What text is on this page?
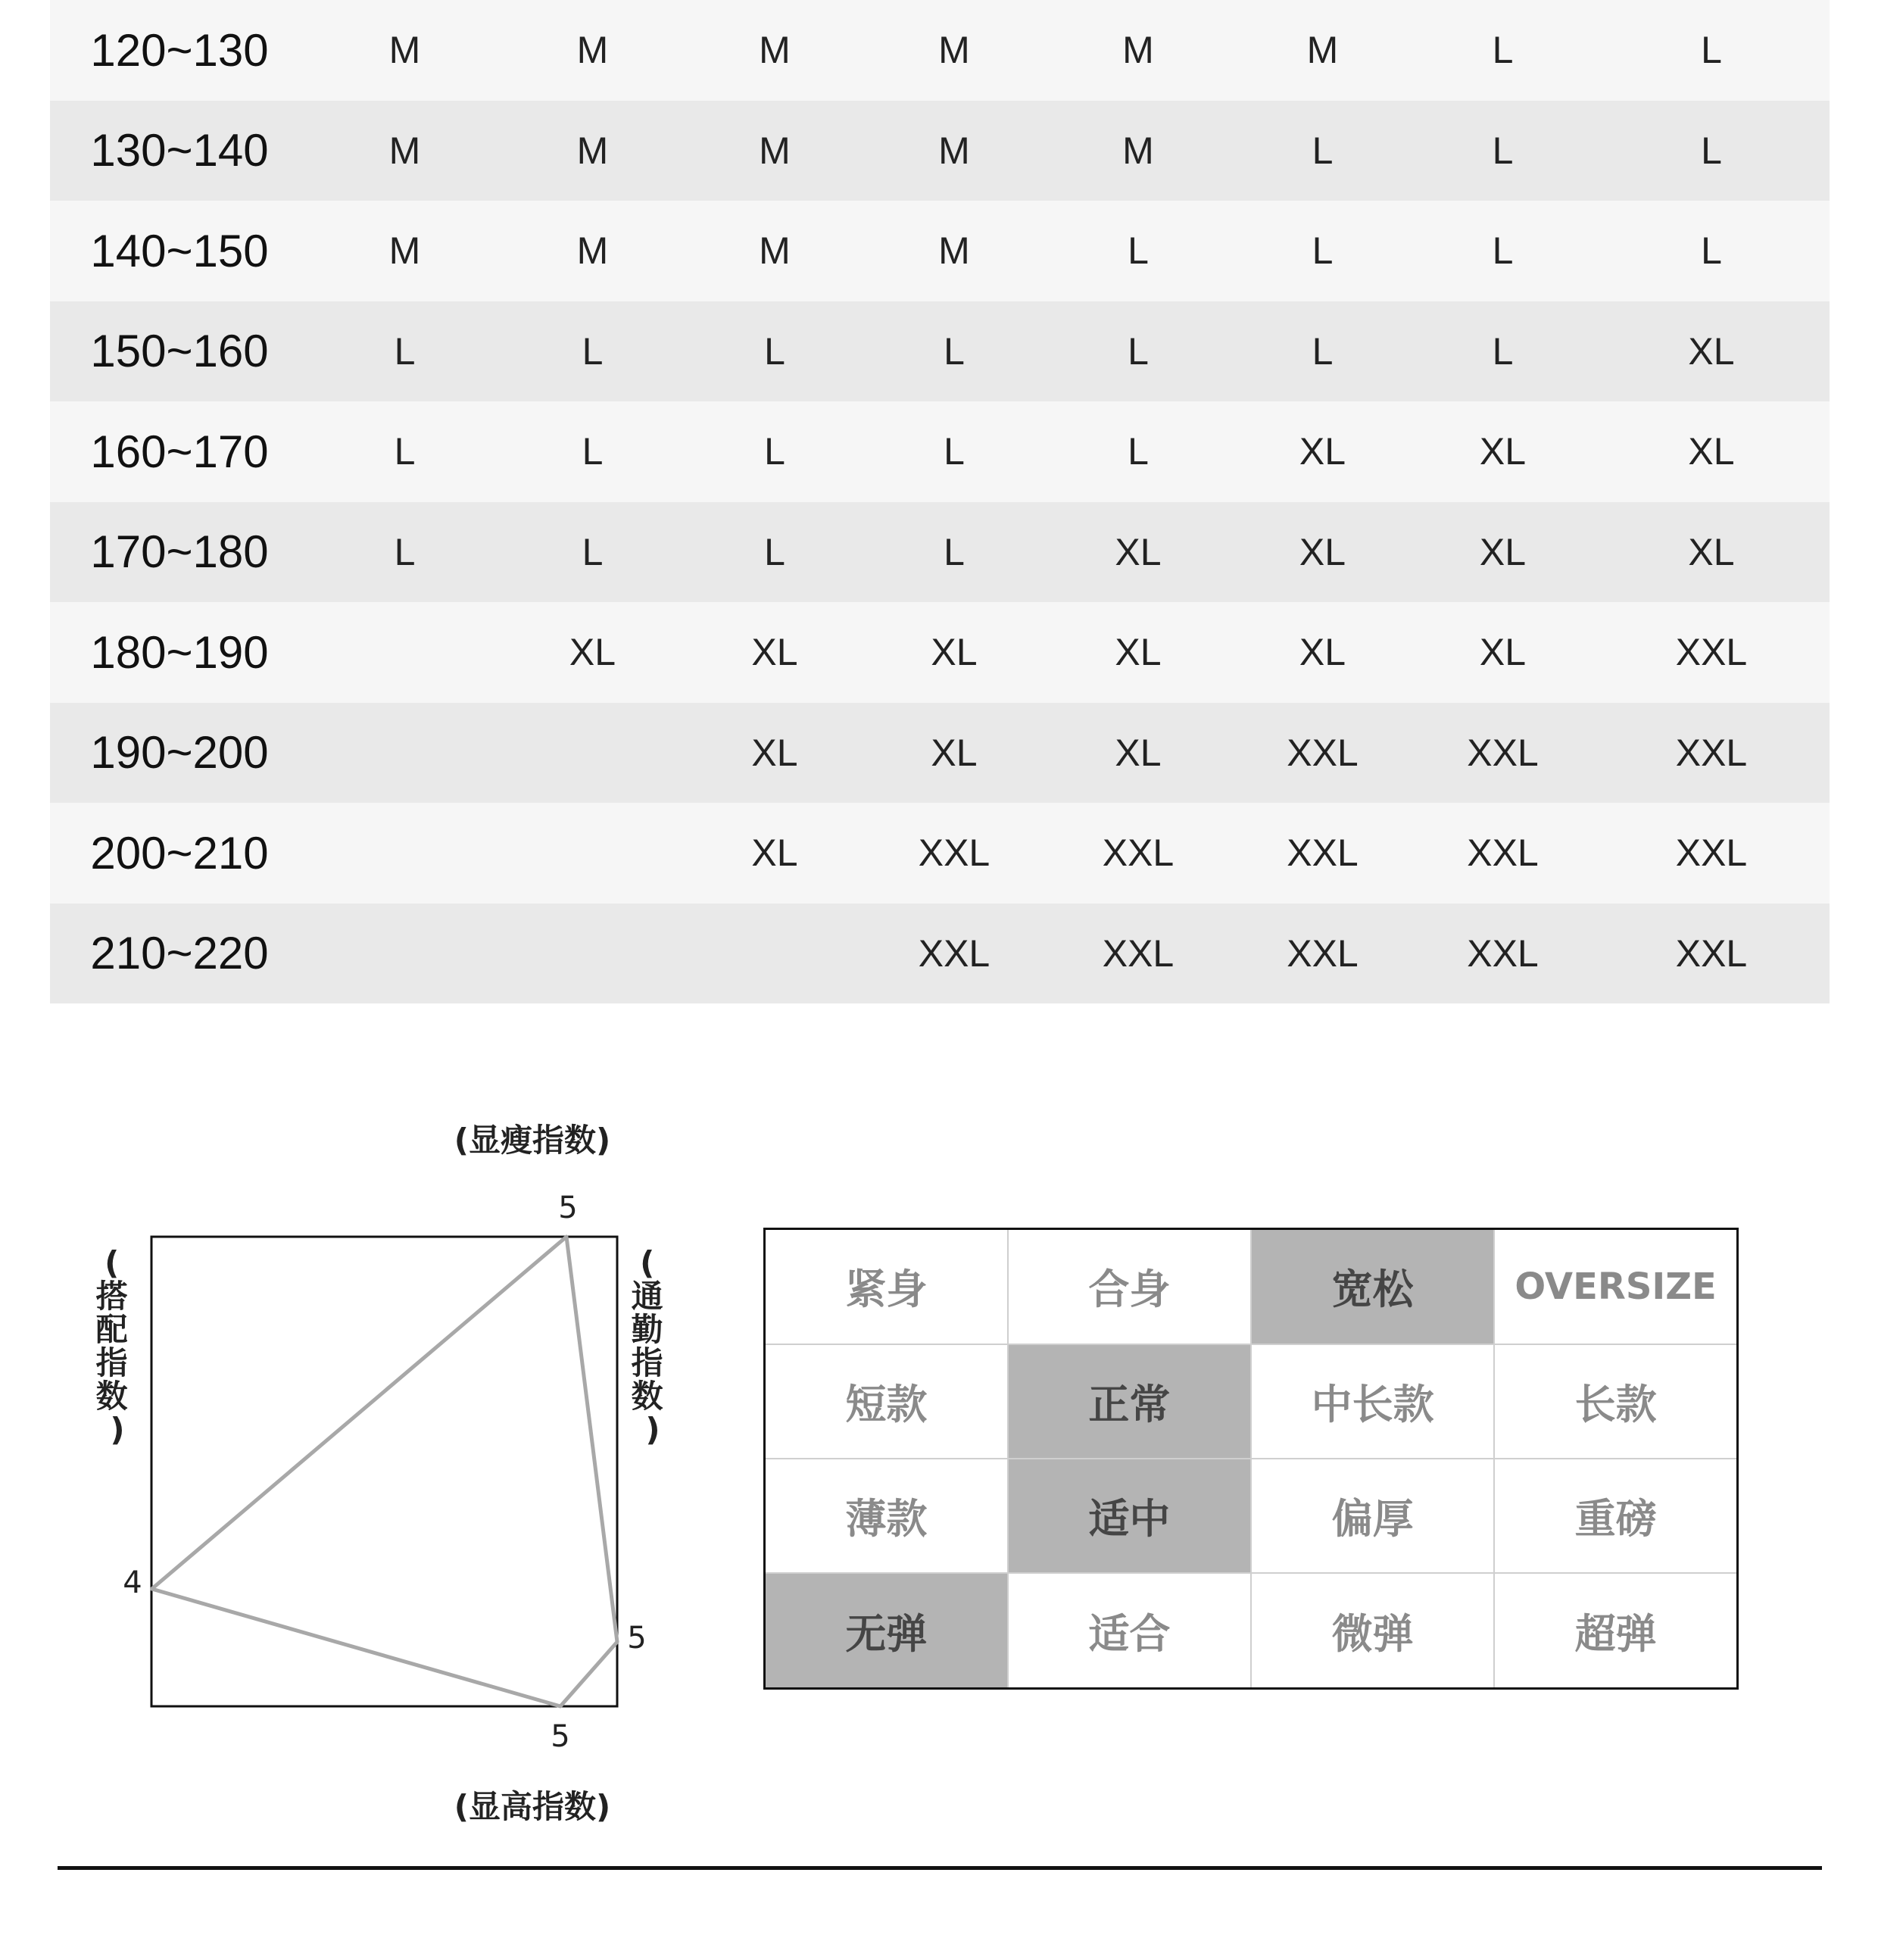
120~130	M	M	M	M	M	M	L	L	
130~140	M	M	M	M	M	L	L	L	
140~150	M	M	M	M	L	L	L	L	
150~160	L	L	L	L	L	L	L	XL	
160~170	L	L	L	L	L	XL	XL	XL	
170~180	L	L	L	L	XL	XL	XL	XL	
180~190		XL	XL	XL	XL	XL	XL	XXL	
190~200			XL	XL	XL	XXL	XXL	XXL	
200~210			XL	XXL	XXL	XXL	XXL	XXL	
210~220				XXL	XXL	XXL	XXL	XXL	
(显瘦指数)
(显高指数)
( 搭 配 指 数 )
( 通 勤 指 数 )
5
5
5
4
紧身	合身	宽松	OVERSIZE
短款	正常	中长款	长款
薄款	适中	偏厚	重磅
无弹	适合	微弹	超弹
